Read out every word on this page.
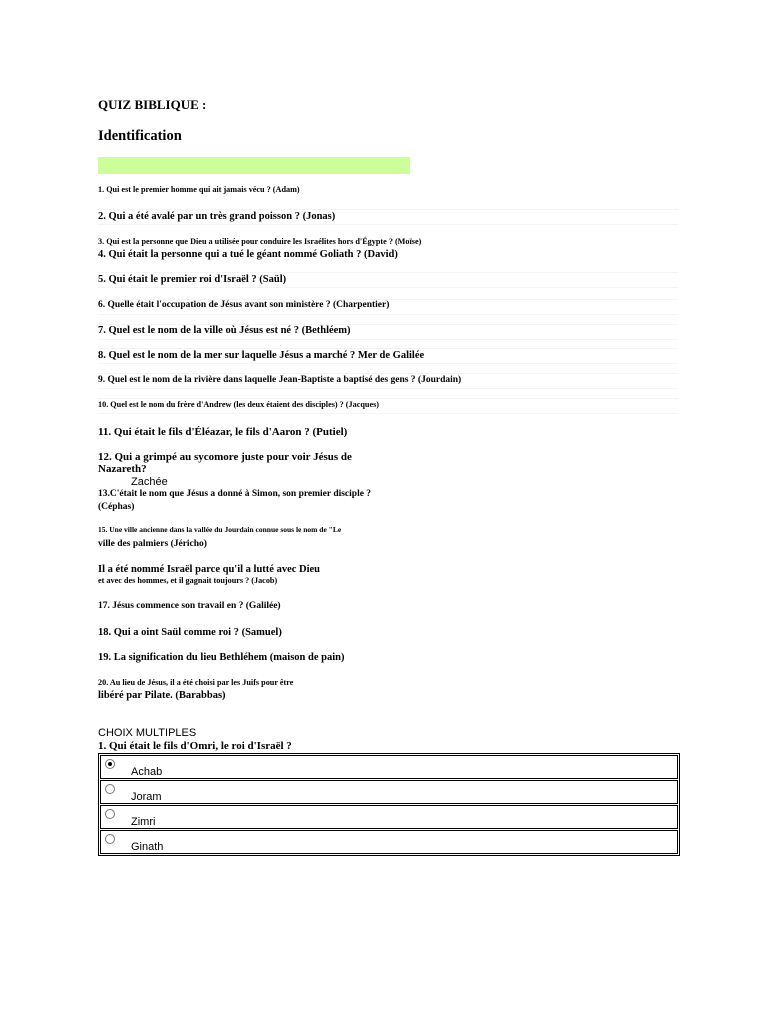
QUIZ BIBLIQUE :
Identification
1. Qui est le premier homme qui ait jamais vécu ? (Adam)
2. Qui a été avalé par un très grand poisson ? (Jonas)
3. Qui est la personne que Dieu a utilisée pour conduire les Israélites hors d'Égypte ? (Moïse)
4. Qui était la personne qui a tué le géant nommé Goliath ? (David)
5. Qui était le premier roi d'Israël ? (Saül)
6. Quelle était l'occupation de Jésus avant son ministère ? (Charpentier)
7. Quel est le nom de la ville où Jésus est né ? (Bethléem)
8. Quel est le nom de la mer sur laquelle Jésus a marché ? Mer de Galilée
9. Quel est le nom de la rivière dans laquelle Jean-Baptiste a baptisé des gens ? (Jourdain)
10. Quel est le nom du frère d'Andrew (les deux étaient des disciples) ? (Jacques)
11. Qui était le fils d'Éléazar, le fils d'Aaron ? (Putiel)
12. Qui a grimpé au sycomore juste pour voir Jésus de
Nazareth?
Zachée
13.C'était le nom que Jésus a donné à Simon, son premier disciple ?
(Céphas)
15. Une ville ancienne dans la vallée du Jourdain connue sous le nom de "Le
ville des palmiers (Jéricho)
Il a été nommé Israël parce qu'il a lutté avec Dieu
et avec des hommes, et il gagnait toujours ? (Jacob)
17. Jésus commence son travail en ? (Galilée)
18. Qui a oint Saül comme roi ? (Samuel)
19. La signification du lieu Bethléhem (maison de pain)
20. Au lieu de Jésus, il a été choisi par les Juifs pour être
libéré par Pilate. (Barabbas)
CHOIX MULTIPLES
1. Qui était le fils d'Omri, le roi d'Israël ?
Achab
Joram
Zimri
Ginath
